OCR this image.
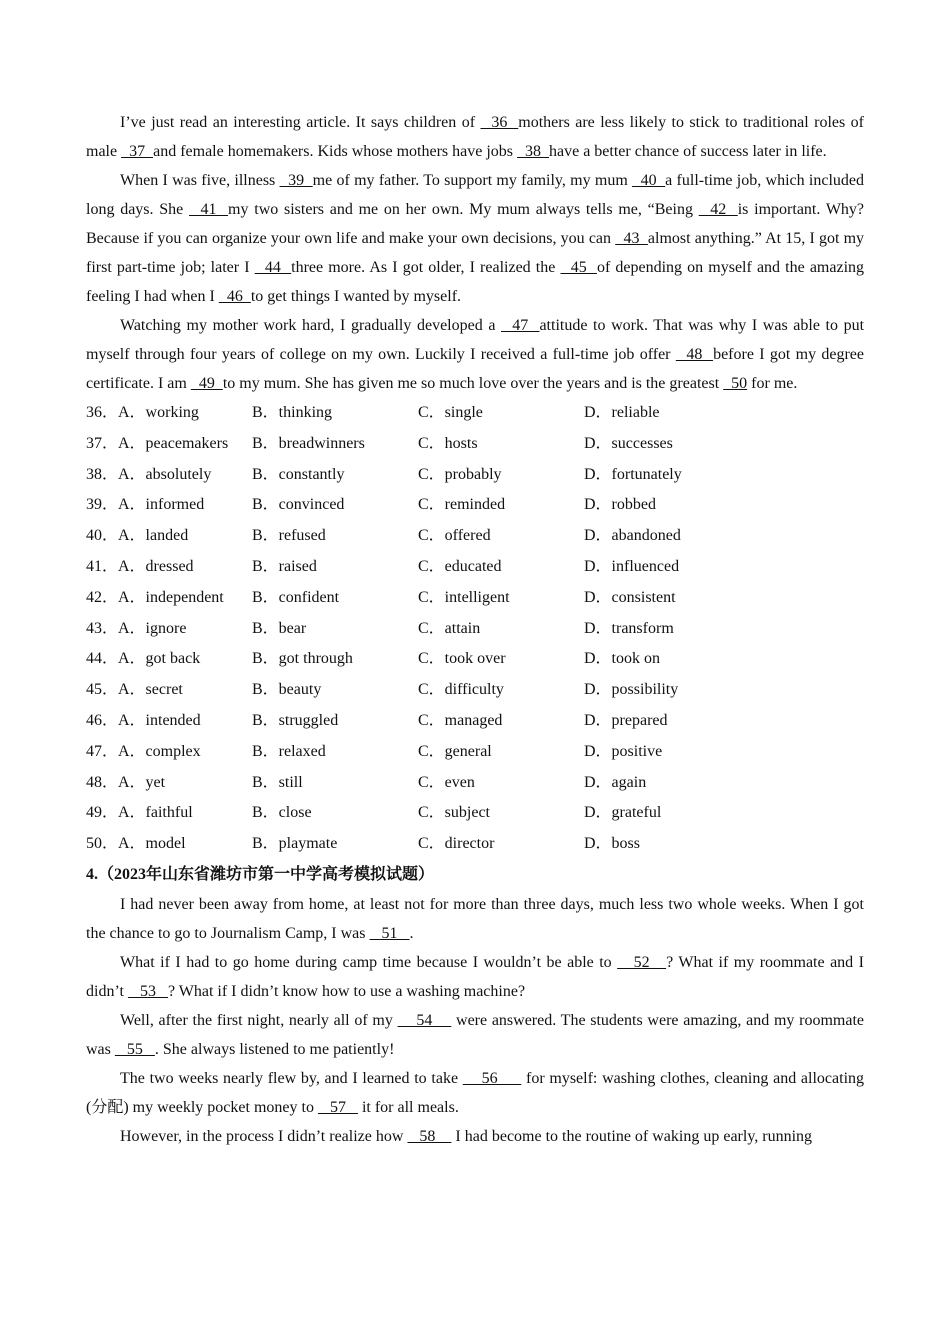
I’ve just read an interesting article. It says children of   36  mothers are less likely to stick to traditional roles of male   37  and female homemakers. Kids whose mothers have jobs   38  have a better chance of success later in life.

When I was five, illness   39  me of my father. To support my family, my mum   40  a full-time job, which included long days. She   41  my two sisters and me on her own. My mum always tells me, “Being   42  is important. Why? Because if you can organize your own life and make your own decisions, you can   43  almost anything.” At 15, I got my first part-time job; later I   44  three more. As I got older, I realized the   45  of depending on myself and the amazing feeling I had when I   46  to get things I wanted by myself.

Watching my mother work hard, I gradually developed a   47  attitude to work. That was why I was able to put myself through four years of college on my own. Luckily I received a full-time job offer   48  before I got my degree certificate. I am   49  to my mum. She has given me so much love over the years and is the greatest   50 for me.

36． A．working	B．thinking	C．single	D．reliable
37． A．peacemakers B．breadwinners	C．hosts	D．successes
38． A．absolutely	B．constantly	C．probably	D．fortunately
39． A．informed	B．convinced	C．reminded	D．robbed
40． A．landed	B．refused	C．offered	D．abandoned
41． A．dressed	B．raised	C．educated	D．influenced
42． A．independent B．confident	C．intelligent	D．consistent
43． A．ignore	B．bear	C．attain	D．transform
44． A．got back	B．got through	C．took over	D．took on
45． A．secret	B．beauty	C．difficulty	D．possibility
46． A．intended	B．struggled	C．managed	D．prepared
47． A．complex	B．relaxed	C．general	D．positive
48． A．yet	B．still	C．even	D．again
49． A．faithful	B．close	C．subject	D．grateful
50． A．model	B．playmate	C．director	D．boss

4.（2023年山东省潍坊市第一中学高考模拟试题）

I had never been away from home, at least not for more than three days, much less two whole weeks. When I got the chance to go to Journalism Camp, I was    51   .

What if I had to go home during camp time because I wouldn’t be able to    52   ? What if my roommate and I didn’t    53   ? What if I didn’t know how to use a washing machine?

Well, after the first night, nearly all of my     54     were answered. The students were amazing, and my roommate was    55   . She always listened to me patiently!

The two weeks nearly flew by, and I learned to take     56      for myself: washing clothes, cleaning and allocating (分配) my weekly pocket money to    57    it for all meals.

However, in the process I didn’t realize how    58     I had become to the routine of waking up early, running
